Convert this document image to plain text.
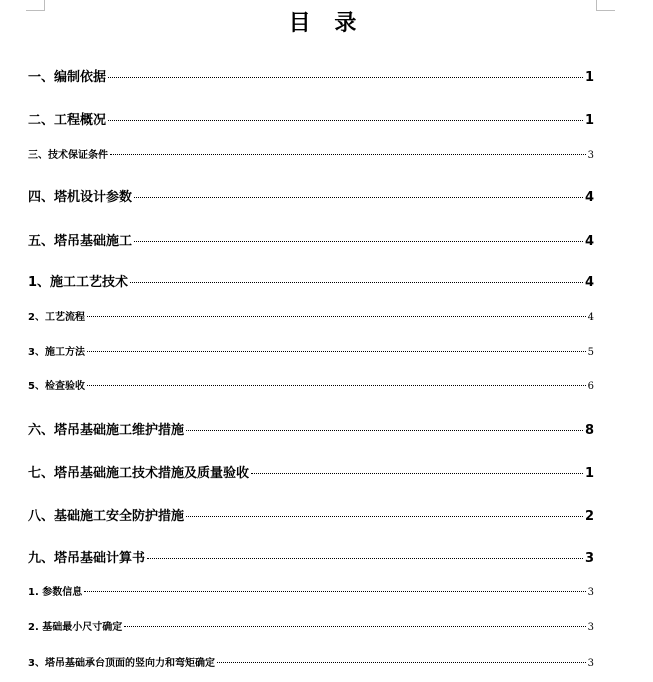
目 录
一、编制依据	1
二、工程概况	1
三、技术保证条件	3
四、塔机设计参数	4
五、塔吊基础施工	4
1、施工工艺技术	4
2、工艺流程	4
3、施工方法	5
5、检查验收	6
六、塔吊基础施工维护措施	8
七、塔吊基础施工技术措施及质量验收	1
八、基础施工安全防护措施	2
九、塔吊基础计算书	3
1. 参数信息	3
2. 基础最小尺寸确定	3
3、塔吊基础承台顶面的竖向力和弯矩确定	3
